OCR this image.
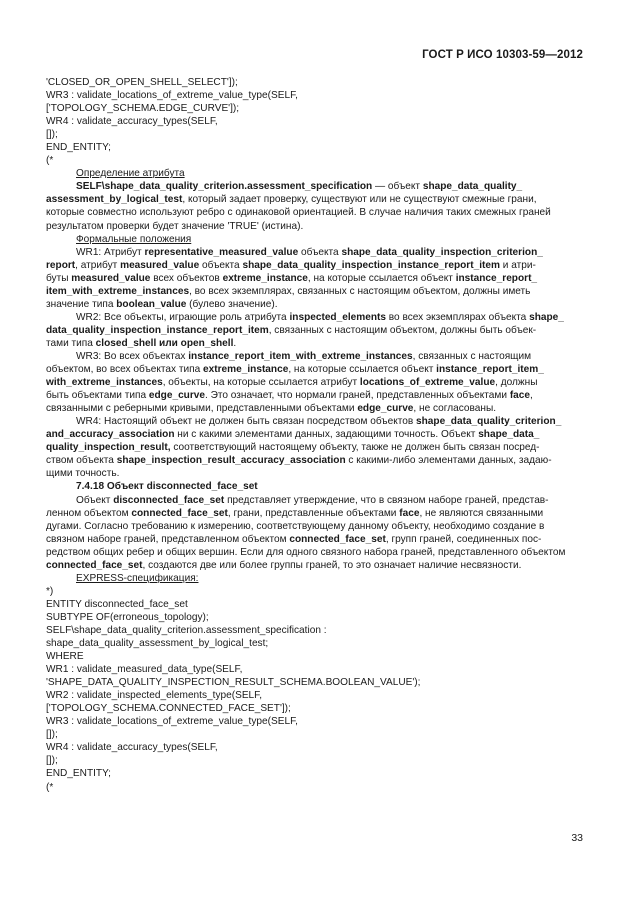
ГОСТ Р ИСО 10303-59—2012
'CLOSED_OR_OPEN_SHELL_SELECT']);
WR3 : validate_locations_of_extreme_value_type(SELF,
['TOPOLOGY_SCHEMA.EDGE_CURVE']);
WR4 : validate_accuracy_types(SELF,
[]);
END_ENTITY;
(*
Определение атрибута
SELF\shape_data_quality_criterion.assessment_specification — объект shape_data_quality_
assessment_by_logical_test, который задает проверку, существуют или не существуют смежные грани,
которые совместно используют ребро с одинаковой ориентацией. В случае наличия таких смежных граней
результатом проверки будет значение 'TRUE' (истина).
Формальные положения
WR1: Атрибут representative_measured_value объекта shape_data_quality_inspection_criterion_
report, атрибут measured_value объекта shape_data_quality_inspection_instance_report_item и атри-
буты measured_value всех объектов extreme_instance, на которые ссылается объект instance_report_
item_with_extreme_instances, во всех экземплярах, связанных с настоящим объектом, должны иметь
значение типа boolean_value (булево значение).
WR2: Все объекты, играющие роль атрибута inspected_elements во всех экземплярах объекта shape_
data_quality_inspection_instance_report_item, связанных с настоящим объектом, должны быть объек-
тами типа closed_shell или open_shell.
WR3: Во всех объектах instance_report_item_with_extreme_instances, связанных с настоящим
объектом, во всех объектах типа extreme_instance, на которые ссылается объект instance_report_item_
with_extreme_instances, объекты, на которые ссылается атрибут locations_of_extreme_value, должны
быть объектами типа edge_curve. Это означает, что нормали граней, представленных объектами face,
связанными с реберными кривыми, представленными объектами edge_curve, не согласованы.
WR4: Настоящий объект не должен быть связан посредством объектов shape_data_quality_criterion_
and_accuracy_association ни с какими элементами данных, задающими точность. Объект shape_data_
quality_inspection_result, соответствующий настоящему объекту, также не должен быть связан посред-
ством объекта shape_inspection_result_accuracy_association с какими-либо элементами данных, задаю-
щими точность.
7.4.18 Объект disconnected_face_set
Объект disconnected_face_set представляет утверждение, что в связном наборе граней, представ-
ленном объектом connected_face_set, грани, представленные объектами face, не являются связанными
дугами. Согласно требованию к измерению, соответствующему данному объекту, необходимо создание в
связном наборе граней, представленном объектом connected_face_set, групп граней, соединенных пос-
редством общих ребер и общих вершин. Если для одного связного набора граней, представленного объектом
connected_face_set, создаются две или более группы граней, то это означает наличие несвязности.
EXPRESS-спецификация:
*)
ENTITY disconnected_face_set
SUBTYPE OF(erroneous_topology);
SELF\shape_data_quality_criterion.assessment_specification :
shape_data_quality_assessment_by_logical_test;
WHERE
WR1 : validate_measured_data_type(SELF,
'SHAPE_DATA_QUALITY_INSPECTION_RESULT_SCHEMA.BOOLEAN_VALUE');
WR2 : validate_inspected_elements_type(SELF,
['TOPOLOGY_SCHEMA.CONNECTED_FACE_SET']);
WR3 : validate_locations_of_extreme_value_type(SELF,
[]);
WR4 : validate_accuracy_types(SELF,
[]);
END_ENTITY;
(*
33
